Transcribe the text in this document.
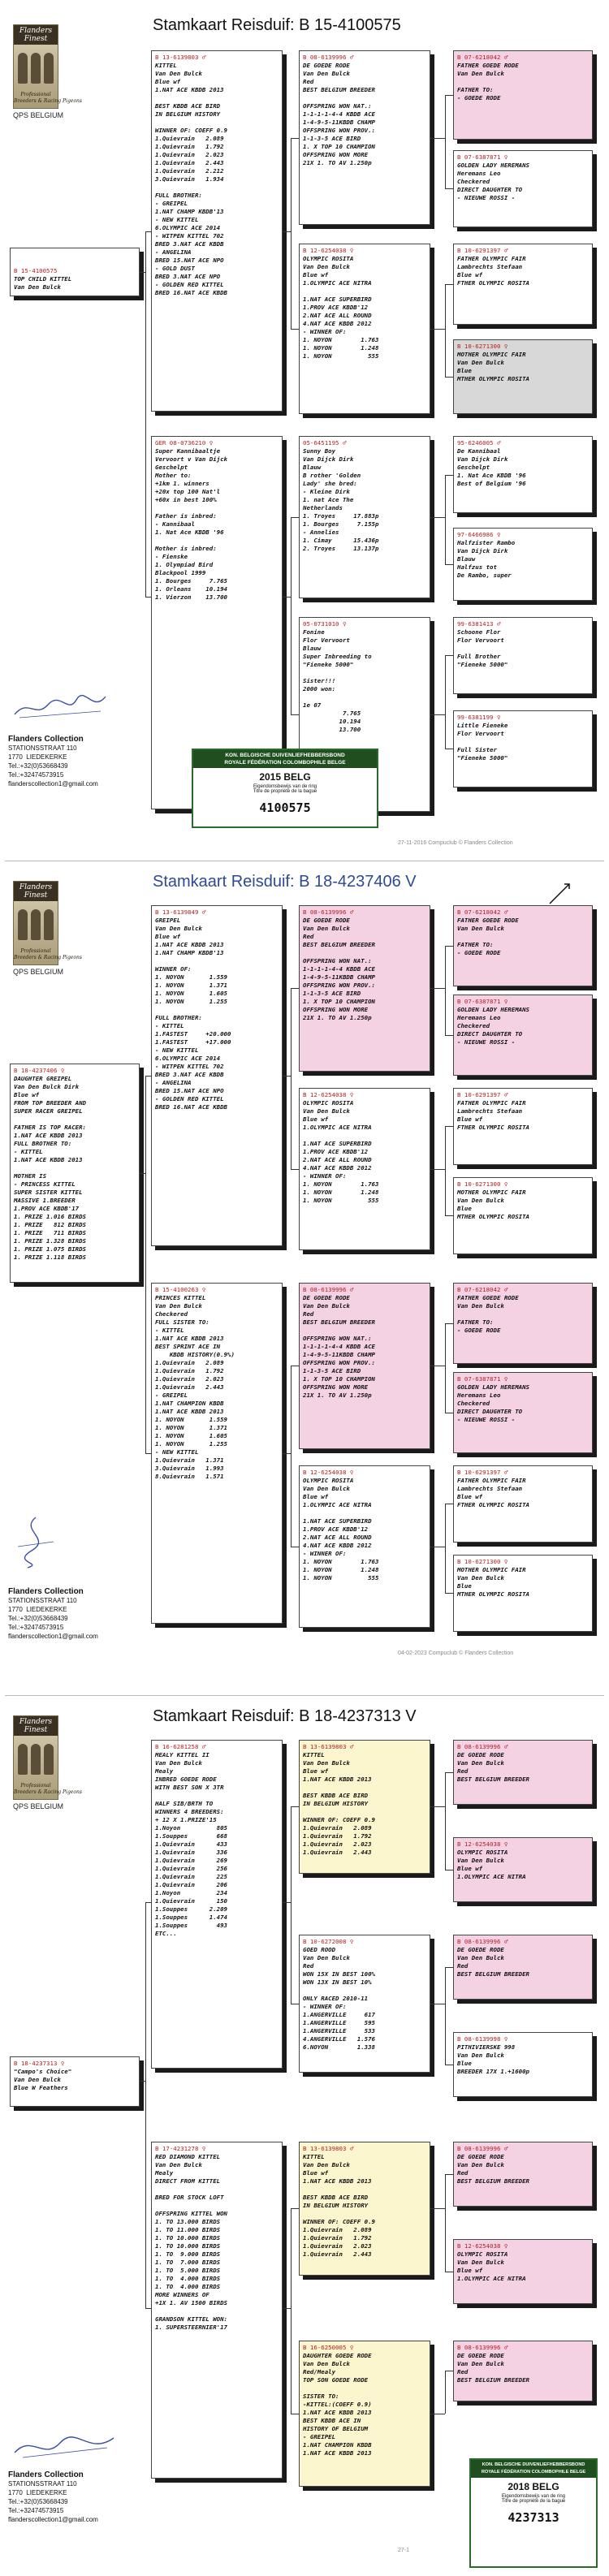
Flanders Finest
Professional
Breeders & Racing Pigeons
QPS BELGIUM
Stamkaart Reisduif: B 15-4100575

B 15-4100575
TOP CHILD KITTEL
Van Den Bulck

B 13-6139803 ♂
KITTEL
Van Den Bulck
Blue wf
1.NAT ACE KBDB 2013

BEST KBDB ACE BIRD
IN BELGIUM HISTORY

WINNER OF: COEFF 0.9
1.Quievrain   2.089
1.Quievrain   1.792
1.Quievrain   2.023
1.Quievrain   2.443
1.Quievrain   2.212
3.Quievrain   1.934

FULL BROTHER:
- GREIPEL
1.NAT CHAMP KBDB'13
- NEW KITTEL
6.OLYMPIC ACE 2014
- WITPEN KITTEL 702
BRED 3.NAT ACE KBDB
- ANGELINA
BRED 15.NAT ACE NPO
- GOLD DUST
BRED 3.NAT ACE NPO
- GOLDEN RED KITTEL
BRED 16.NAT ACE KBDB
GER 08-0736210 ♀
Super Kannibaaltje
Vervoort v Van Dijck
Geschelpt
Mother to:
+1km 1. winners
+20x top 100 Nat'l
+60x in best 100%

Father is inbred:
- Kannibaal
1. Nat Ace KBDB '96

Mother is inbred:
- Fienske
1. Olympiad Bird
Blackpool 1999
1. Bourges     7.765
1. Orleans    10.194
1. Vierzon    13.700
B 08-6139996 ♂
DE GOEDE RODE
Van Den Bulck
Red
BEST BELGIUM BREEDER

OFFSPRING WON NAT.:
1-1-1-1-4-4 KBDB ACE
1-4-9-5-11KBDB CHAMP
OFFSPRING WON PROV.:
1-1-3-5 ACE BIRD
1. X TOP 10 CHAMPION
OFFSPRING WON MORE
21X 1. TO AV 1.250p
B 12-6254038 ♀
OLYMPIC ROSITA
Van Den Bulck
Blue wf
1.OLYMPIC ACE NITRA

1.NAT ACE SUPERBIRD
1.PROV ACE KBDB'12
2.NAT ACE ALL ROUND
4.NAT ACE KBDB 2012
- WINNER OF:
1. NOYON        1.763
1. NOYON        1.248
1. NOYON          555
05-6451195 ♂
Sunny Boy
Van Dijck Dirk
Blauw
B rother 'Golden
Lady' she bred:
- Kleine Dirk
1. nat Ace The
Netherlands
1. Troyes     17.883p
1. Bourges     7.155p
- Annelies
1. Cimay      15.436p
2. Troyes     13.137p
05-0731010 ♀
Fonine
Flor Vervoort
Blauw
Super Inbreeding to
"Fieneke 5000"

Sister!!!
2000 won:

1e 07
7.765
10.194
13.700
B 07-6218042 ♂
FATHER GOEDE RODE
Van Den Bulck

FATHER TO:
- GOEDE RODE
B 07-6387871 ♀
GOLDEN LADY HEREMANS
Heremans Leo
Checkered
DIRECT DAUGHTER TO
- NIEUWE ROSSI -
B 10-6291397 ♂
FATHER OLYMPIC FAIR
Lambrechts Stefaan
Blue wf
FTHER OLYMPIC ROSITA
B 10-6271300 ♀
MOTHER OLYMPIC FAIR
Van Den Bulck
Blue
MTHER OLYMPIC ROSITA
95-6246005 ♂
De Kannibaal
Van Dijck Dirk
Geschelpt
1. Nat Ace KBDB '96
Best of Belgium '96
97-6466986 ♀
Halfzister Rambo
Van Dijck Dirk
Blauw
Halfzus tot
De Rambo, super
99-6381413 ♂
Schoone Flor
Flor Vervoort

Full Brother
"Fieneke 5000"
99-6381199 ♀
Little Fieneke
Flor Vervoort

Full Sister
"Fieneke 5000"
Flanders Collection
STATIONSSTRAAT 110
1770  LIEDEKERKE
Tel.:+32(0)53668439
Tel.:+32474573915
flanderscollection1@gmail.com
KON. BELGISCHE DUIVENLIEFHEBBERSBOND
ROYALE FÉDÉRATION COLOMBOPHILE BELGE
2015 BELG
Eigendomsbewijs van de ring
Titre de propriété de la bague
4100575
27-11-2016 Compuclub © Flanders Collection
Flanders Finest
Professional
Breeders & Racing Pigeons
QPS BELGIUM
Stamkaart Reisduif: B 18-4237406 V
B 18-4237406 ♀
DAUGHTER GREIPEL
Van Den Bulck Dirk
Blue wf
FROM TOP BREEDER AND
SUPER RACER GREIPEL

FATHER IS TOP RACER:
1.NAT ACE KBDB 2013
FULL BROTHER TO:
- KITTEL
1.NAT ACE KBDB 2013

MOTHER IS
- PRINCESS KITTEL
SUPER SISTER KITTEL
MASSIVE 1.BREEDER
1.PROV ACE KBDB'17
1. PRIZE 1.016 BIRDS
1. PRIZE   812 BIRDS
1. PRIZE   711 BIRDS
1. PRIZE 1.328 BIRDS
1. PRIZE 1.075 BIRDS
1. PRIZE 1.118 BIRDS
B 13-6139849 ♂
GREIPEL
Van Den Bulck
Blue wf
1.NAT ACE KBDB 2013
1.NAT CHAMP KBDB'13

WINNER OF:
1. NOYON       1.559
1. NOYON       1.371
1. NOYON       1.605
1. NOYON       1.255

FULL BROTHER:
- KITTEL
1.FASTEST     +20.000
1.FASTEST     +17.000
- NEW KITTEL
6.OLYMPIC ACE 2014
- WITPEN KITTEL 702
BRED 3.NAT ACE KBDB
- ANGELINA
BRED 15.NAT ACE NPO
- GOLDEN RED KITTEL
BRED 16.NAT ACE KBDB
B 15-4100263 ♀
PRINCES KITTEL
Van Den Bulck
Checkered
FULL SISTER TO:
- KITTEL
1.NAT ACE KBDB 2013
BEST SPRINT ACE IN
KBDB HISTORY(0.9%)
1.Quievrain   2.089
1.Quievrain   1.792
1.Quievrain   2.023
1.Quievrain   2.443
- GREIPEL
1.NAT CHAMPION KBDB
1.NAT ACE KBDB 2013
1. NOYON       1.559
1. NOYON       1.371
1. NOYON       1.605
1. NOYON       1.255
- NEW KITTEL
1.Quievrain   1.371
3.Quievrain   1.993
8.Quievrain   1.571
B 08-6139996 ♂
DE GOEDE RODE
Van Den Bulck
Red
BEST BELGIUM BREEDER

OFFSPRING WON NAT.:
1-1-1-1-4-4 KBDB ACE
1-4-9-5-11KBDB CHAMP
OFFSPRING WON PROV.:
1-1-3-5 ACE BIRD
1. X TOP 10 CHAMPION
OFFSPRING WON MORE
21X 1. TO AV 1.250p
B 12-6254038 ♀
OLYMPIC ROSITA
Van Den Bulck
Blue wf
1.OLYMPIC ACE NITRA

1.NAT ACE SUPERBIRD
1.PROV ACE KBDB'12
2.NAT ACE ALL ROUND
4.NAT ACE KBDB 2012
- WINNER OF:
1. NOYON        1.763
1. NOYON        1.248
1. NOYON          555
B 08-6139996 ♂
DE GOEDE RODE
Van Den Bulck
Red
BEST BELGIUM BREEDER

OFFSPRING WON NAT.:
1-1-1-1-4-4 KBDB ACE
1-4-9-5-11KBDB CHAMP
OFFSPRING WON PROV.:
1-1-3-5 ACE BIRD
1. X TOP 10 CHAMPION
OFFSPRING WON MORE
21X 1. TO AV 1.250p
B 12-6254038 ♀
OLYMPIC ROSITA
Van Den Bulck
Blue wf
1.OLYMPIC ACE NITRA

1.NAT ACE SUPERBIRD
1.PROV ACE KBDB'12
2.NAT ACE ALL ROUND
4.NAT ACE KBDB 2012
- WINNER OF:
1. NOYON        1.763
1. NOYON        1.248
1. NOYON          555
B 07-6218042 ♂
FATHER GOEDE RODE
Van Den Bulck

FATHER TO:
- GOEDE RODE
B 07-6387871 ♀
GOLDEN LADY HEREMANS
Heremans Leo
Checkered
DIRECT DAUGHTER TO
- NIEUWE ROSSI -
B 10-6291397 ♂
FATHER OLYMPIC FAIR
Lambrechts Stefaan
Blue wf
FTHER OLYMPIC ROSITA
B 10-6271300 ♀
MOTHER OLYMPIC FAIR
Van Den Bulck
Blue
MTHER OLYMPIC ROSITA
B 07-6218042 ♂
FATHER GOEDE RODE
Van Den Bulck

FATHER TO:
- GOEDE RODE
B 07-6387871 ♀
GOLDEN LADY HEREMANS
Heremans Leo
Checkered
DIRECT DAUGHTER TO
- NIEUWE ROSSI -
B 10-6291397 ♂
FATHER OLYMPIC FAIR
Lambrechts Stefaan
Blue wf
FTHER OLYMPIC ROSITA
B 10-6271300 ♀
MOTHER OLYMPIC FAIR
Van Den Bulck
Blue
MTHER OLYMPIC ROSITA
Flanders Collection
STATIONSSTRAAT 110
1770  LIEDEKERKE
Tel.:+32(0)53668439
Tel.:+32474573915
flanderscollection1@gmail.com
04-02-2023 Compuclub © Flanders Collection
Flanders Finest
Professional
Breeders & Racing Pigeons
QPS BELGIUM
Stamkaart Reisduif: B 18-4237313 V
B 18-4237313 ♀
"Campo's Choice"
Van Den Bulck
Blue W Feathers
B 16-6281258 ♂
MEALY KITTEL II
Van Den Bulck
Mealy
INBRED GOEDE RODE
WITH BEST SON X 3TR

HALF SIB/BRTH TO
WINNERS 4 BREEDERS:
+ 12 X 1.PRIZE'15
1.Noyon          805
1.Souppes        668
1.Quievrain      433
1.Quievrain      336
1.Quievrain      269
1.Quievrain      256
1.Quievrain      225
1.Quievrain      206
1.Noyon          234
1.Quievrain      150
1.Souppes      2.209
1.Souppes      1.474
1.Souppes        493
ETC...
B 17-4231278 ♀
RED DIAMOND KITTEL
Van Den Bulck
Mealy
DIRECT FROM KITTEL

BRED FOR STOCK LOFT

OFFSPRING KITTEL WON
1. TO 13.000 BIRDS
1. TO 11.000 BIRDS
1. TO 10.000 BIRDS
1. TO 10.000 BIRDS
1. TO  9.000 BIRDS
1. TO  7.000 BIRDS
1. TO  5.000 BIRDS
1. TO  4.000 BIRDS
1. TO  4.000 BIRDS
MORE WINNERS OF
+1X 1. AV 1500 BIRDS

GRANDSON KITTEL WON:
1. SUPERSTEERNIER'17
B 13-6139803 ♂
KITTEL
Van Den Bulck
Blue wf
1.NAT ACE KBDB 2013

BEST KBDB ACE BIRD
IN BELGIUM HISTORY

WINNER OF: COEFF 0.9
1.Quievrain   2.089
1.Quievrain   1.792
1.Quievrain   2.023
1.Quievrain   2.443
B 10-6272008 ♀
GOED ROOD
Van Den Bulck
Red
WON 15X IN BEST 100%
WON 13X IN BEST 10%

ONLY RACED 2010-11
- WINNER OF:
1.ANGERVILLE     617
1.ANGERVILLE     595
1.ANGERVILLE     533
4.ANGERVILLE   1.576
6.NOYON        1.338
B 13-6139803 ♂
KITTEL
Van Den Bulck
Blue wf
1.NAT ACE KBDB 2013

BEST KBDB ACE BIRD
IN BELGIUM HISTORY

WINNER OF: COEFF 0.9
1.Quievrain   2.089
1.Quievrain   1.792
1.Quievrain   2.023
1.Quievrain   2.443
B 16-6250005 ♀
DAUGHTER GOEDE RODE
Van Den Bulck
Red/Mealy
TOP SON GOEDE RODE

SISTER TO:
-KITTEL:(COEFF 0.9)
1.NAT ACE KBDB 2013
BEST KBDB ACE IN
HISTORY OF BELGIUM
- GREIPEL
1.NAT CHAMPION KBDB
1.NAT ACE KBDB 2013
B 08-6139996 ♂
DE GOEDE RODE
Van Den Bulck
Red
BEST BELGIUM BREEDER
B 12-6254038 ♀
OLYMPIC ROSITA
Van Den Bulck
Blue wf
1.OLYMPIC ACE NITRA
B 08-6139996 ♂
DE GOEDE RODE
Van Den Bulck
Red
BEST BELGIUM BREEDER
B 08-6139998 ♀
PITHIVIERSKE 998
Van Den Bulck
Blue
BREEDER 17X 1.+1600p
B 08-6139996 ♂
DE GOEDE RODE
Van Den Bulck
Red
BEST BELGIUM BREEDER
B 12-6254038 ♀
OLYMPIC ROSITA
Van Den Bulck
Blue wf
1.OLYMPIC ACE NITRA
B 08-6139996 ♂
DE GOEDE RODE
Van Den Bulck
Red
BEST BELGIUM BREEDER
Flanders Collection
STATIONSSTRAAT 110
1770  LIEDEKERKE
Tel.:+32(0)53668439
Tel.:+32474573915
flanderscollection1@gmail.com
KON. BELGISCHE DUIVENLIEFHEBBERSBOND
ROYALE FÉDÉRATION COLOMBOPHILE BELGE
2018 BELG
Eigendomsbewijs van de ring
Titre de propriété de la bague
4237313
27-1
